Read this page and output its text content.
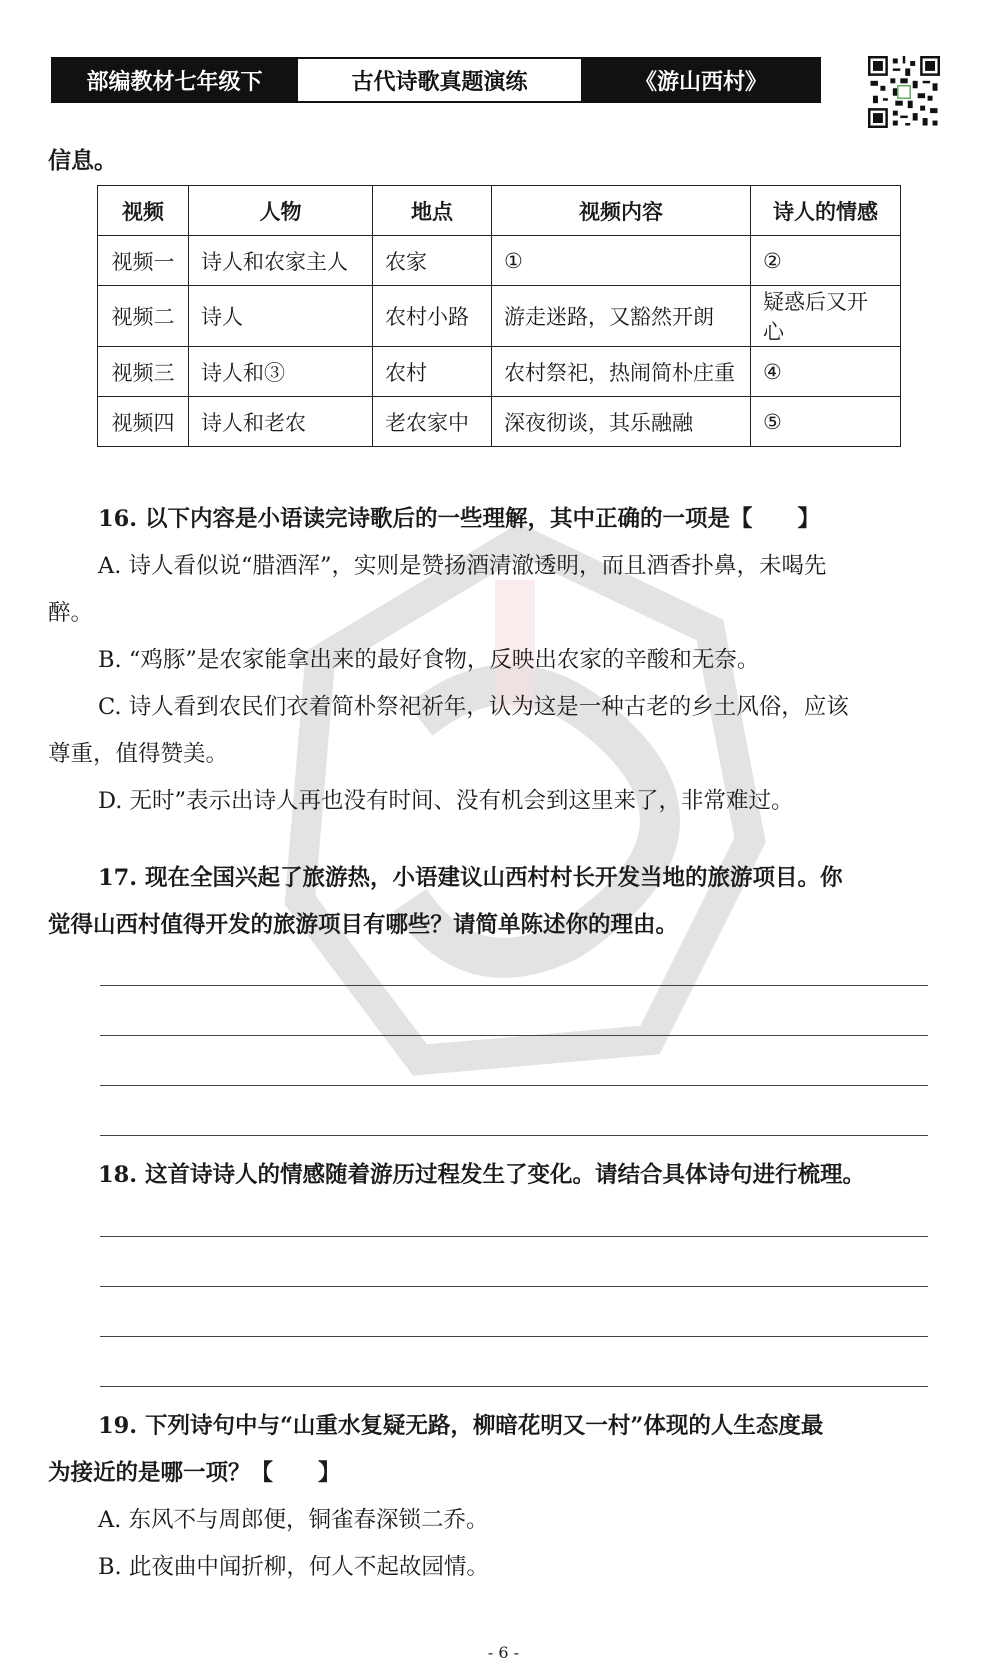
部编教材七年级下	古代诗歌真题演练	《游山西村》
信息。
视频	人物	地点	视频内容	诗人的情感
视频一	诗人和农家主人	农家	①	②
视频二	诗人	农村小路	游走迷路，又豁然开朗	疑惑后又开心
视频三	诗人和③	农村	农村祭祀，热闹简朴庄重	④
视频四	诗人和老农	老农家中	深夜彻谈，其乐融融	⑤
16. 以下内容是小语读完诗歌后的一些理解，其中正确的一项是【　　】
A. 诗人看似说“腊酒浑”，实则是赞扬酒清澈透明，而且酒香扑鼻，未喝先
醉。
B. “鸡豚”是农家能拿出来的最好食物，反映出农家的辛酸和无奈。
C. 诗人看到农民们衣着简朴祭祀祈年，认为这是一种古老的乡土风俗，应该
尊重，值得赞美。
D. 无时”表示出诗人再也没有时间、没有机会到这里来了，非常难过。
17. 现在全国兴起了旅游热，小语建议山西村村长开发当地的旅游项目。你
觉得山西村值得开发的旅游项目有哪些？请简单陈述你的理由。
18. 这首诗诗人的情感随着游历过程发生了变化。请结合具体诗句进行梳理。
19. 下列诗句中与“山重水复疑无路，柳暗花明又一村”体现的人生态度最
为接近的是哪一项？【　　】
A. 东风不与周郎便，铜雀春深锁二乔。
B. 此夜曲中闻折柳，何人不起故园情。
- 6 -
